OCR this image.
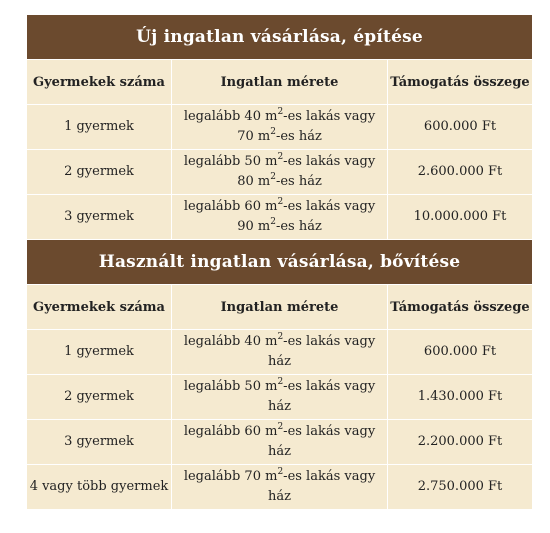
Új ingatlan vásárlása, építése		
Gyermekek száma	Ingatlan mérete	Támogatás összege
1 gyermek	legalább 40 $m^2-es$ lakás vagy 70 $m^2-es$ ház	600.000 Ft
2 gyermek	legalább 50 $m^2-es$ lakás vagy 80 $m^2-es$ ház	2.600.000 Ft
3 gyermek	legalább 60 $m^2-es$ lakás vagy 90 $m^2-es$ ház	10.000.000 Ft
Használt ingatlan vásárlása, bővítése		
Gyermekek száma	Ingatlan mérete	Támogatás összege
1 gyermek	legalább 40 $m^2-es$ lakás vagy ház	600.000 Ft
2 gyermek	legalább 50 $m^2-es$ lakás vagy ház	1.430.000 Ft
3 gyermek	legalább 60 $m^2-es$ lakás vagy ház	2.200.000 Ft
4 vagy több gyermek	legalább 70 $m^2-es$ lakás vagy ház	2.750.000 Ft
